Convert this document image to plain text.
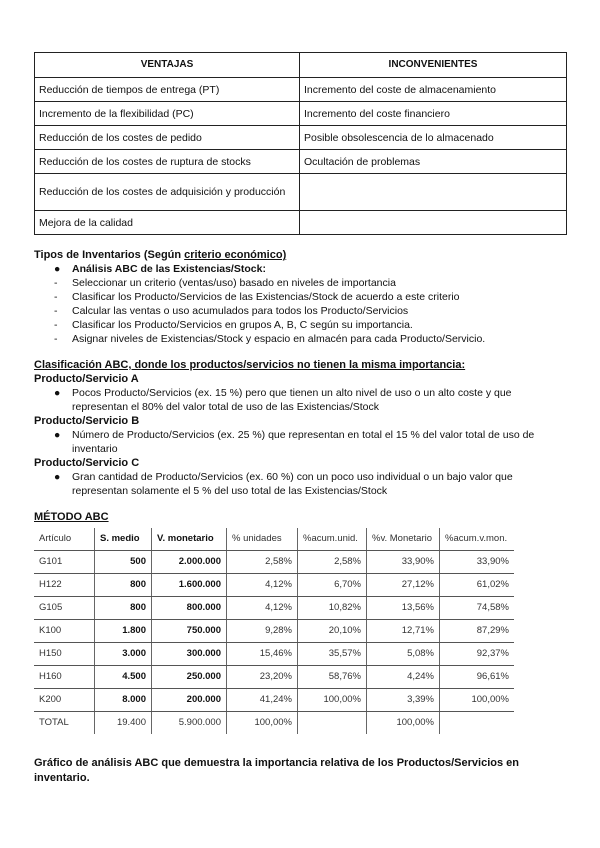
VENTAJAS	INCONVENIENTES
Reducción de tiempos de entrega (PT)	Incremento del coste de almacenamiento
Incremento de la flexibilidad (PC)	Incremento del coste financiero
Reducción de los costes de pedido	Posible obsolescencia de lo almacenado
Reducción de los costes de ruptura de stocks	Ocultación de problemas
Reducción de los costes de adquisición y producción	
Mejora de la calidad	

Tipos de Inventarios (Según criterio económico)

● Análisis ABC de las Existencias/Stock:
- Seleccionar un criterio (ventas/uso) basado en niveles de importancia
- Clasificar los Producto/Servicios de las Existencias/Stock de acuerdo a este criterio
- Calcular las ventas o uso acumulados para todos los Producto/Servicios
- Clasificar los Producto/Servicios en grupos A, B, C según su importancia.
- Asignar niveles de Existencias/Stock y espacio en almacén para cada Producto/Servicio.

Clasificación ABC, donde los productos/servicios no tienen la misma importancia:

Producto/Servicio A

● Pocos Producto/Servicios (ex. 15 %) pero que tienen un alto nivel de uso o un alto coste y que representan el 80% del valor total de uso de las Existencias/Stock

Producto/Servicio B

● Número de Producto/Servicios (ex. 25 %) que representan en total el 15 % del valor total de uso de inventario

Producto/Servicio C

● Gran cantidad de Producto/Servicios (ex. 60 %) con un poco uso individual o un bajo valor que representan solamente el 5 % del uso total de las Existencias/Stock

MÉTODO ABC

Artículo	S. medio	V. monetario	% unidades	%acum.unid.	%v. Monetario	%acum.v.mon.
G101	500	2.000.000	2,58%	2,58%	33,90%	33,90%
H122	800	1.600.000	4,12%	6,70%	27,12%	61,02%
G105	800	800.000	4,12%	10,82%	13,56%	74,58%
K100	1.800	750.000	9,28%	20,10%	12,71%	87,29%
H150	3.000	300.000	15,46%	35,57%	5,08%	92,37%
H160	4.500	250.000	23,20%	58,76%	4,24%	96,61%
K200	8.000	200.000	41,24%	100,00%	3,39%	100,00%
TOTAL	19.400	5.900.000	100,00%		100,00%	

Gráfico de análisis ABC que demuestra la importancia relativa de los Productos/Servicios en inventario.
